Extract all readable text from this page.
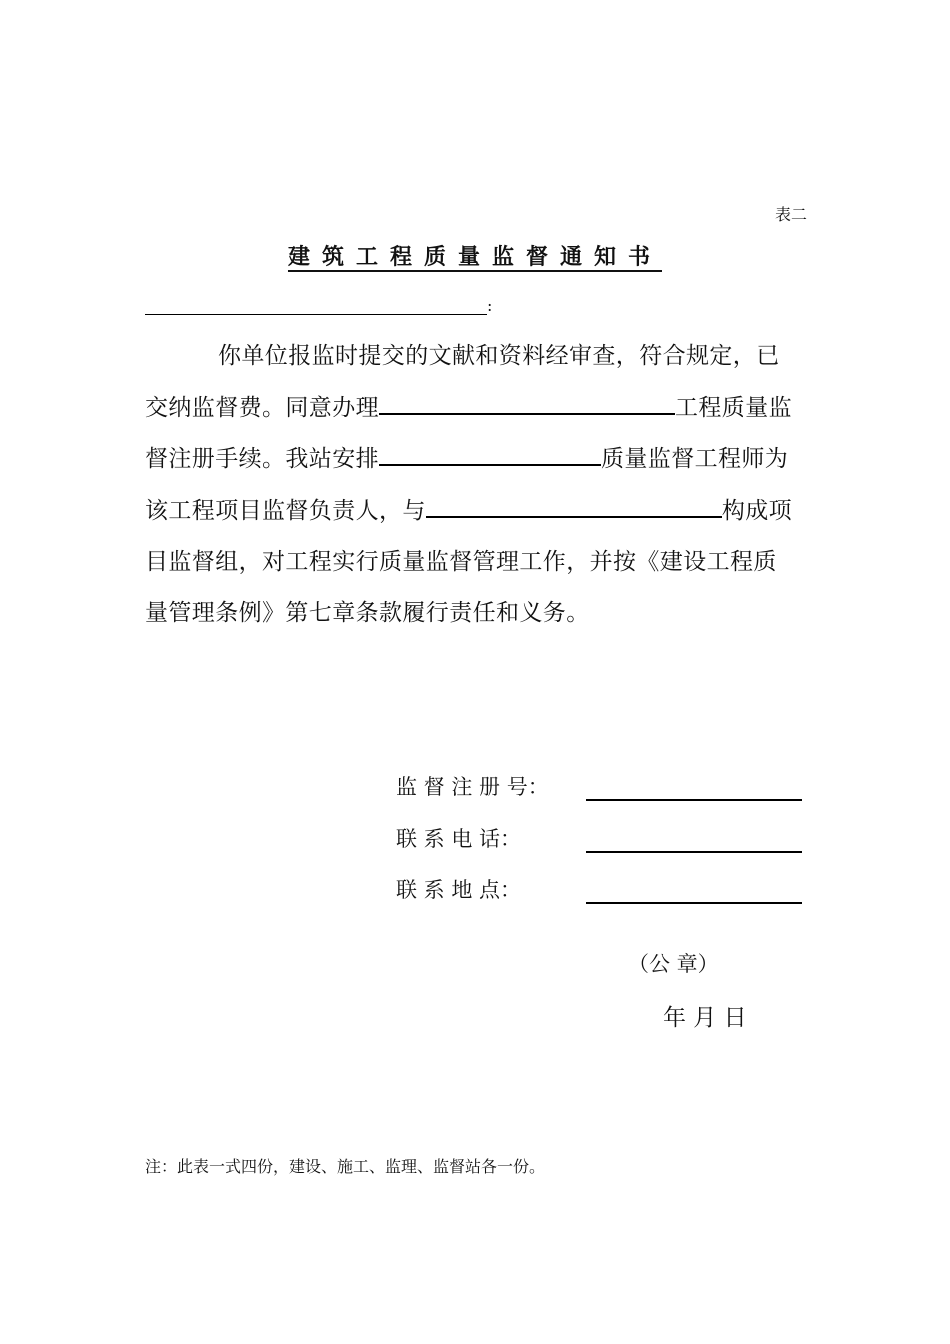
表二
建筑工程质量监督通知书
:
你单位报监时提交的文献和资料经审查，符合规定，已
交纳监督费。同意办理	工程质量监
督注册手续。我站安排	质量监督工程师为
该工程项目监督负责人，与	构成项
目监督组，对工程实行质量监督管理工作，并按《建设工程质
量管理条例》第七章条款履行责任和义务。
监 督 注 册 号：
联 系 电 话：
联 系 地 点：
（公 章）
年 月 日
注：此表一式四份，建设、施工、监理、监督站各一份。
